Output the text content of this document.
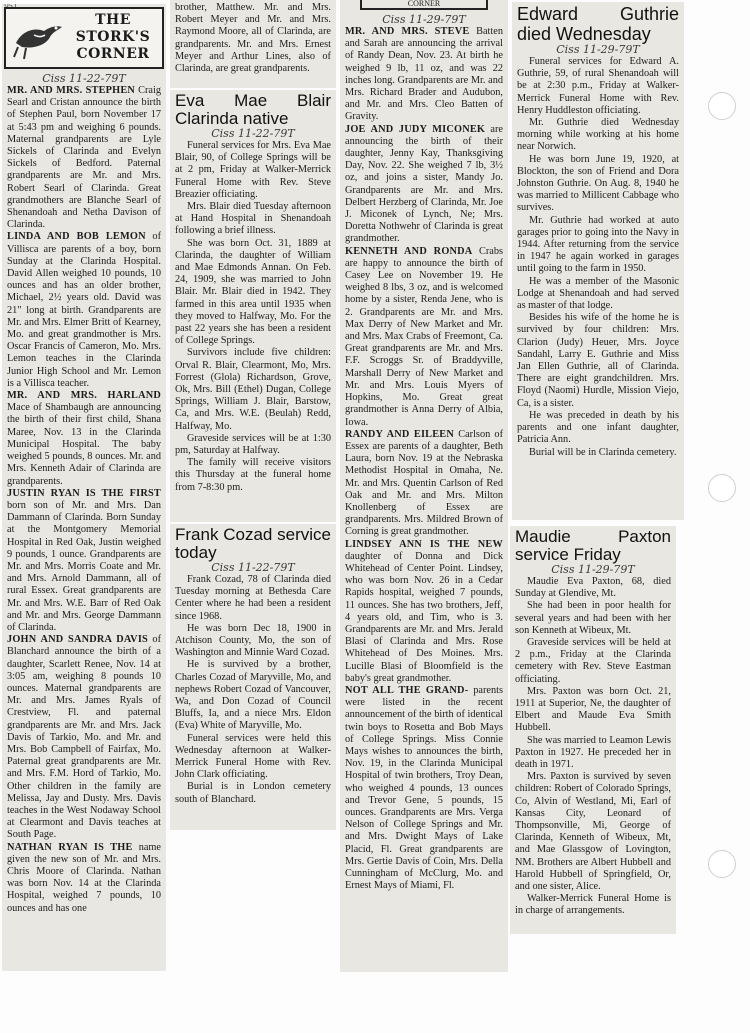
THE STORK'S CORNER
Ciss 11-22-79T

MR. AND MRS. STEPHEN Craig Searl and Cristan announce the birth of Stephen Paul, born November 17 at 5:43 pm and weighing 6 pounds. Maternal grandparents are Lyle Sickels of Clarinda and Evelyn Sickels of Bedford. Paternal grandparents are Mr. and Mrs. Robert Searl of Clarinda. Great grandmothers are Blanche Searl of Shenandoah and Netha Davison of Clarinda.

LINDA AND BOB LEMON of Villisca are parents of a boy, born Sunday at the Clarinda Hospital. David Allen weighed 10 pounds, 10 ounces and has an older brother, Michael, 2½ years old. David was 21" long at birth. Grandparents are Mr. and Mrs. Elmer Britt of Kearney, Mo. and great grandmother is Mrs. Oscar Francis of Cameron, Mo. Mrs. Lemon teaches in the Clarinda Junior High School and Mr. Lemon is a Villisca teacher.

MR. AND MRS. HARLAND Mace of Shambaugh are announcing the birth of their first child, Shana Maree, Nov. 13 in the Clarinda Municipal Hospital. The baby weighed 5 pounds, 8 ounces. Mr. and Mrs. Kenneth Adair of Clarinda are grandparents.

JUSTIN RYAN IS THE FIRST born son of Mr. and Mrs. Dan Dammann of Clarinda. Born Sunday at the Montgomery Memorial Hospital in Red Oak, Justin weighed 9 pounds, 1 ounce. Grandparents are Mr. and Mrs. Morris Coate and Mr. and Mrs. Arnold Dammann, all of rural Essex. Great grandparents are Mr. and Mrs. W.E. Barr of Red Oak and Mr. and Mrs. George Dammann of Clarinda.

JOHN AND SANDRA DAVIS of Blanchard announce the birth of a daughter, Scarlett Renee, Nov. 14 at 3:05 am, weighing 8 pounds 10 ounces. Maternal grandparents are Mr. and Mrs. James Ryals of Crestview, Fl. and paternal grandparents are Mr. and Mrs. Jack Davis of Tarkio, Mo. and Mr. and Mrs. Bob Campbell of Fairfax, Mo. Paternal great grandparents are Mr. and Mrs. F.M. Hord of Tarkio, Mo. Other children in the family are Melissa, Jay and Dusty. Mrs. Davis teaches in the West Nodaway School at Clearmont and Davis teaches at South Page.

NATHAN RYAN IS THE name given the new son of Mr. and Mrs. Chris Moore of Clarinda. Nathan was born Nov. 14 at the Clarinda Hospital, weighed 7 pounds, 10 ounces and has one

brother, Matthew. Mr. and Mrs. Robert Meyer and Mr. and Mrs. Raymond Moore, all of Clarinda, are grandparents. Mr. and Mrs. Ernest Meyer and Arthur Lines, also of Clarinda, are great grandparents.

Eva Mae Blair Clarinda native
Ciss 11-22-79T

Funeral services for Mrs. Eva Mae Blair, 90, of College Springs will be at 2 pm, Friday at Walker-Merrick Funeral Home with Rev. Steve Breazier officiating.

Mrs. Blair died Tuesday afternoon at Hand Hospital in Shenandoah following a brief illness.

She was born Oct. 31, 1889 at Clarinda, the daughter of William and Mae Edmonds Annan. On Feb. 24, 1909, she was married to John Blair. Mr. Blair died in 1942. They farmed in this area until 1935 when they moved to Halfway, Mo. For the past 22 years she has been a resident of College Springs.

Survivors include five children: Orval R. Blair, Clearmont, Mo, Mrs. Forrest (Glola) Richardson, Grove, Ok, Mrs. Bill (Ethel) Dugan, College Springs, William J. Blair, Barstow, Ca, and Mrs. W.E. (Beulah) Redd, Halfway, Mo.

Graveside services will be at 1:30 pm, Saturday at Halfway.

The family will receive visitors this Thursday at the funeral home from 7-8:30 pm.

Frank Cozad service today
Ciss 11-22-79T

Frank Cozad, 78 of Clarinda died Tuesday morning at Bethesda Care Center where he had been a resident since 1968.

He was born Dec 18, 1900 in Atchison County, Mo, the son of Washington and Minnie Ward Cozad.

He is survived by a brother, Charles Cozad of Maryville, Mo, and nephews Robert Cozad of Vancouver, Wa, and Don Cozad of Council Bluffs, Ia, and a niece Mrs. Eldon (Eva) White of Maryville, Mo.

Funeral services were held this Wednesday afternoon at Walker-Merrick Funeral Home with Rev. John Clark officiating.

Burial is in London cemetery south of Blanchard.

CORNER
Ciss 11-29-79T

MR. AND MRS. STEVE Batten and Sarah are announcing the arrival of Randy Dean, Nov. 23. At birth he weighed 9 lb, 11 oz, and was 22 inches long. Grandparents are Mr. and Mrs. Richard Brader and Audubon, and Mr. and Mrs. Cleo Batten of Gravity.

JOE AND JUDY MICONEK are announcing the birth of their daughter, Jenny Kay, Thanksgiving Day, Nov. 22. She weighed 7 lb, 3½ oz, and joins a sister, Mandy Jo. Grandparents are Mr. and Mrs. Delbert Herzberg of Clarinda, Mr. Joe J. Miconek of Lynch, Ne; Mrs. Doretta Nothwehr of Clarinda is great grandmother.

KENNETH AND RONDA Crabs are happy to announce the birth of Casey Lee on November 19. He weighed 8 lbs, 3 oz, and is welcomed home by a sister, Renda Jene, who is 2. Grandparents are Mr. and Mrs. Max Derry of New Market and Mr. and Mrs. Max Crabs of Freemont, Ca. Great grandparents are Mr. and Mrs. F.F. Scroggs Sr. of Braddyville, Marshall Derry of New Market and Mr. and Mrs. Louis Myers of Hopkins, Mo. Great great grandmother is Anna Derry of Albia, Iowa.

RANDY AND EILEEN Carlson of Essex are parents of a daughter, Beth Laura, born Nov. 19 at the Nebraska Methodist Hospital in Omaha, Ne. Mr. and Mrs. Quentin Carlson of Red Oak and Mr. and Mrs. Milton Knollenberg of Essex are grandparents. Mrs. Mildred Brown of Corning is great grandmother.

LINDSEY ANN IS THE NEW daughter of Donna and Dick Whitehead of Center Point. Lindsey, who was born Nov. 26 in a Cedar Rapids hospital, weighed 7 pounds, 11 ounces. She has two brothers, Jeff, 4 years old, and Tim, who is 3. Grandparents are Mr. and Mrs. Jerald Blasi of Clarinda and Mrs. Rose Whitehead of Des Moines. Mrs. Lucille Blasi of Bloomfield is the baby's great grandmother.

NOT ALL THE GRAND- parents were listed in the recent announcement of the birth of identical twin boys to Rosetta and Bob Mays of College Springs. Miss Connie Mays wishes to announces the birth, Nov. 19, in the Clarinda Municipal Hospital of twin brothers, Troy Dean, who weighed 4 pounds, 13 ounces and Trevor Gene, 5 pounds, 15 ounces. Grandparents are Mrs. Verga Nelson of College Springs and Mr. and Mrs. Dwight Mays of Lake Placid, Fl. Great grandparents are Mrs. Gertie Davis of Coin, Mrs. Della Cunningham of McClurg, Mo. and Ernest Mays of Miami, Fl.

Edward Guthrie died Wednesday
Ciss 11-29-79T

Funeral services for Edward A. Guthrie, 59, of rural Shenandoah will be at 2:30 p.m., Friday at Walker-Merrick Funeral Home with Rev. Henry Huddleston officiating.

Mr. Guthrie died Wednesday morning while working at his home near Norwich.

He was born June 19, 1920, at Blockton, the son of Friend and Dora Johnston Guthrie. On Aug. 8, 1940 he was married to Millicent Cabbage who survives.

Mr. Guthrie had worked at auto garages prior to going into the Navy in 1944. After returning from the service in 1947 he again worked in garages until going to the farm in 1950.

He was a member of the Masonic Lodge at Shenandoah and had served as master of that lodge.

Besides his wife of the home he is survived by four children: Mrs. Clarion (Judy) Heuer, Mrs. Joyce Sandahl, Larry E. Guthrie and Miss Jan Ellen Guthrie, all of Clarinda. There are eight grandchildren. Mrs. Floyd (Naomi) Hurdle, Mission Viejo, Ca, is a sister.

He was preceded in death by his parents and one infant daughter, Patricia Ann.

Burial will be in Clarinda cemetery.

Maudie Paxton service Friday
Ciss 11-29-79T

Maudie Eva Paxton, 68, died Sunday at Glendive, Mt.

She had been in poor health for several years and had been with her son Kenneth at Wibeux, Mt.

Graveside services will be held at 2 p.m., Friday at the Clarinda cemetery with Rev. Steve Eastman officiating.

Mrs. Paxton was born Oct. 21, 1911 at Superior, Ne, the daughter of Elbert and Maude Eva Smith Hubbell.

She was married to Leamon Lewis Paxton in 1927. He preceded her in death in 1971.

Mrs. Paxton is survived by seven children: Robert of Colorado Springs, Co, Alvin of Westland, Mi, Earl of Kansas City, Leonard of Thompsonville, Mi, George of Clarinda, Kenneth of Wibeux, Mt, and Mae Glassgow of Lovington, NM. Brothers are Albert Hubbell and Harold Hubbell of Springfield, Or, and one sister, Alice.

Walker-Merrick Funeral Home is in charge of arrangements.
